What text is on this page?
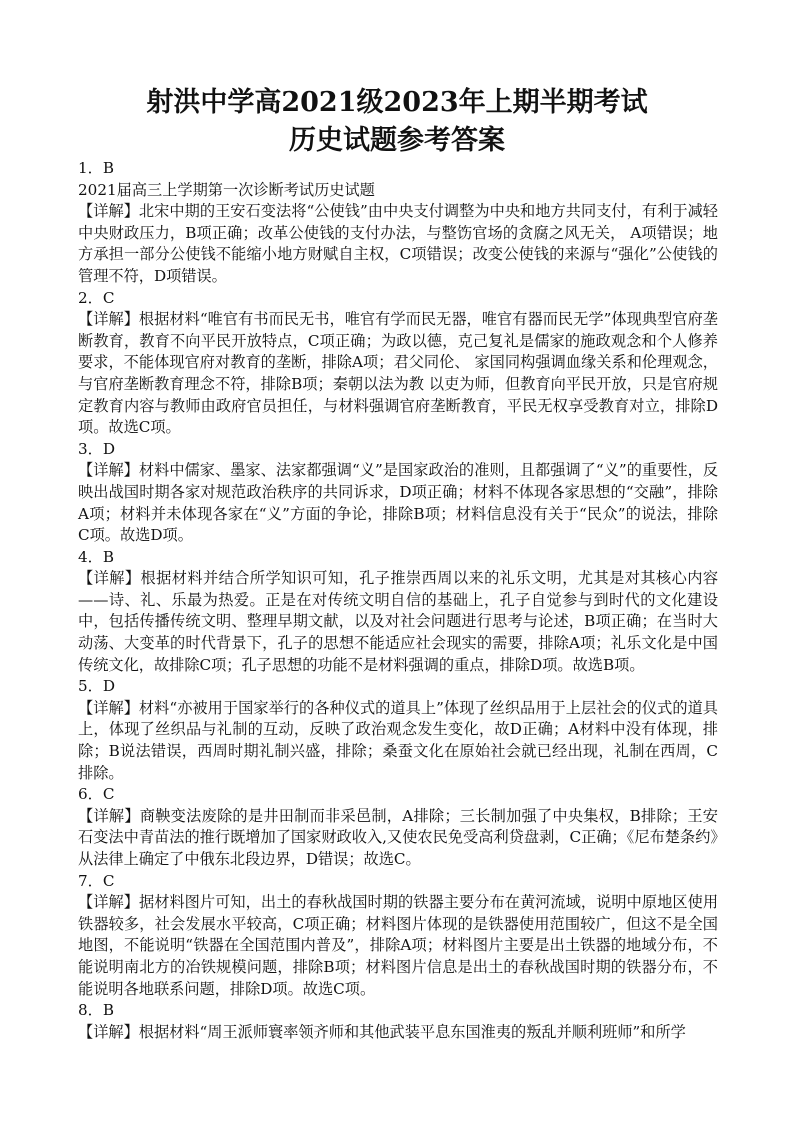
射洪中学高2021级2023年上期半期考试
历史试题参考答案

1．B

2021届高三上学期第一次诊断考试历史试题

【详解】北宋中期的王安石变法将“公使钱”由中央支付调整为中央和地方共同支付，有利于减轻中央财政压力，B项正确；改革公使钱的支付办法，与整饬官场的贪腐之风无关， A项错误；地方承担一部分公使钱不能缩小地方财赋自主权，C项错误；改变公使钱的来源与“强化”公使钱的管理不符，D项错误。

2．C

【详解】根据材料“唯官有书而民无书，唯官有学而民无器，唯官有器而民无学”体现典型官府垄断教育，教育不向平民开放特点，C项正确；为政以德，克己复礼是儒家的施政观念和个人修养要求，不能体现官府对教育的垄断，排除A项；君父同伦、 家国同构强调血缘关系和伦理观念，与官府垄断教育理念不符，排除B项；秦朝以法为教 以吏为师，但教育向平民开放，只是官府规定教育内容与教师由政府官员担任，与材料强调官府垄断教育，平民无权享受教育对立，排除D项。故选C项。

3．D

【详解】材料中儒家、墨家、法家都强调“义”是国家政治的准则，且都强调了“义”的重要性，反映出战国时期各家对规范政治秩序的共同诉求，D项正确；材料不体现各家思想的“交融”，排除A项；材料并未体现各家在“义”方面的争论，排除B项；材料信息没有关于“民众”的说法，排除C项。故选D项。

4．B

【详解】根据材料并结合所学知识可知，孔子推崇西周以来的礼乐文明，尤其是对其核心内容——诗、礼、乐最为热爱。正是在对传统文明自信的基础上，孔子自觉参与到时代的文化建设中，包括传播传统文明、整理早期文献，以及对社会问题进行思考与论述，B项正确；在当时大动荡、大变革的时代背景下，孔子的思想不能适应社会现实的需要，排除A项；礼乐文化是中国传统文化，故排除C项；孔子思想的功能不是材料强调的重点，排除D项。故选B项。

5．D

【详解】材料“亦被用于国家举行的各种仪式的道具上”体现了丝织品用于上层社会的仪式的道具上，体现了丝织品与礼制的互动，反映了政治观念发生变化，故D正确；A材料中没有体现，排除；B说法错误，西周时期礼制兴盛，排除；桑蚕文化在原始社会就已经出现，礼制在西周，C排除。

6．C

【详解】商鞅变法废除的是井田制而非采邑制，A排除；三长制加强了中央集权，B排除；王安石变法中青苗法的推行既增加了国家财政收入,又使农民免受高利贷盘剥，C正确；《尼布楚条约》从法律上确定了中俄东北段边界，D错误；故选C。

7．C

【详解】据材料图片可知，出土的春秋战国时期的铁器主要分布在黄河流域，说明中原地区使用铁器较多，社会发展水平较高，C项正确；材料图片体现的是铁器使用范围较广，但这不是全国地图，不能说明“铁器在全国范围内普及”，排除A项；材料图片主要是出土铁器的地域分布，不能说明南北方的冶铁规模问题，排除B项；材料图片信息是出土的春秋战国时期的铁器分布，不能说明各地联系问题，排除D项。故选C项。

8．B

【详解】根据材料“周王派师寰率领齐师和其他武装平息东国淮夷的叛乱并顺利班师”和所学
